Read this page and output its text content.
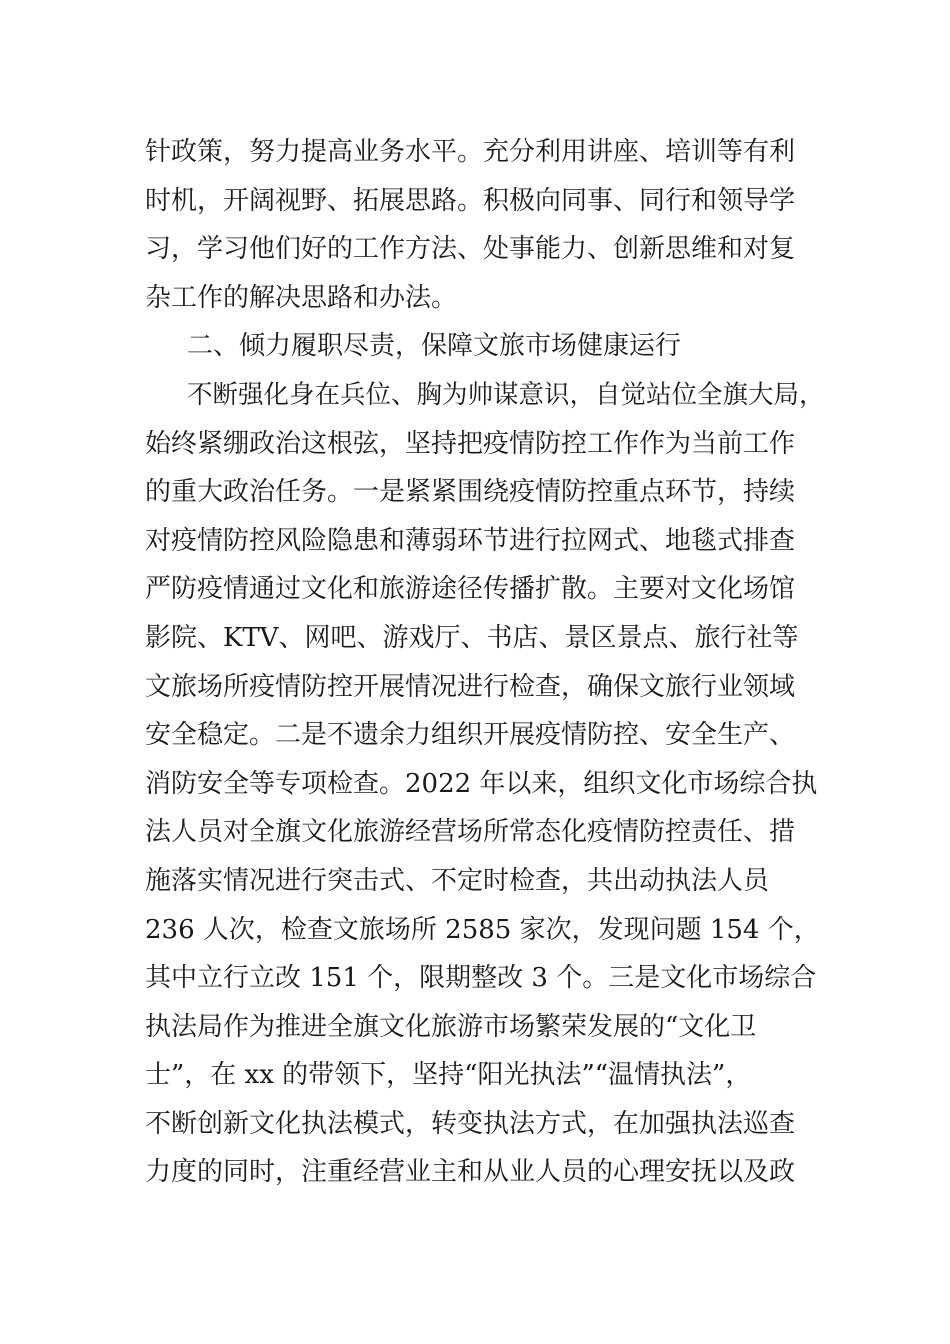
针政策，努力提高业务水平。充分利用讲座、培训等有利
时机，开阔视野、拓展思路。积极向同事、同行和领导学
习，学习他们好的工作方法、处事能力、创新思维和对复
杂工作的解决思路和办法。
二、倾力履职尽责，保障文旅市场健康运行
不断强化身在兵位、胸为帅谋意识，自觉站位全旗大局，
始终紧绷政治这根弦，坚持把疫情防控工作作为当前工作
的重大政治任务。一是紧紧围绕疫情防控重点环节，持续
对疫情防控风险隐患和薄弱环节进行拉网式、地毯式排查
严防疫情通过文化和旅游途径传播扩散。主要对文化场馆
影院、KTV、网吧、游戏厅、书店、景区景点、旅行社等
文旅场所疫情防控开展情况进行检查，确保文旅行业领域
安全稳定。二是不遗余力组织开展疫情防控、安全生产、
消防安全等专项检查。2022 年以来，组织文化市场综合执
法人员对全旗文化旅游经营场所常态化疫情防控责任、措
施落实情况进行突击式、不定时检查，共出动执法人员
236 人次，检查文旅场所 2585 家次，发现问题 154 个，
其中立行立改 151 个，限期整改 3 个。三是文化市场综合
执法局作为推进全旗文化旅游市场繁荣发展的“文化卫
士”，在 xx 的带领下，坚持“阳光执法”“温情执法”，
不断创新文化执法模式，转变执法方式，在加强执法巡查
力度的同时，注重经营业主和从业人员的心理安抚以及政
